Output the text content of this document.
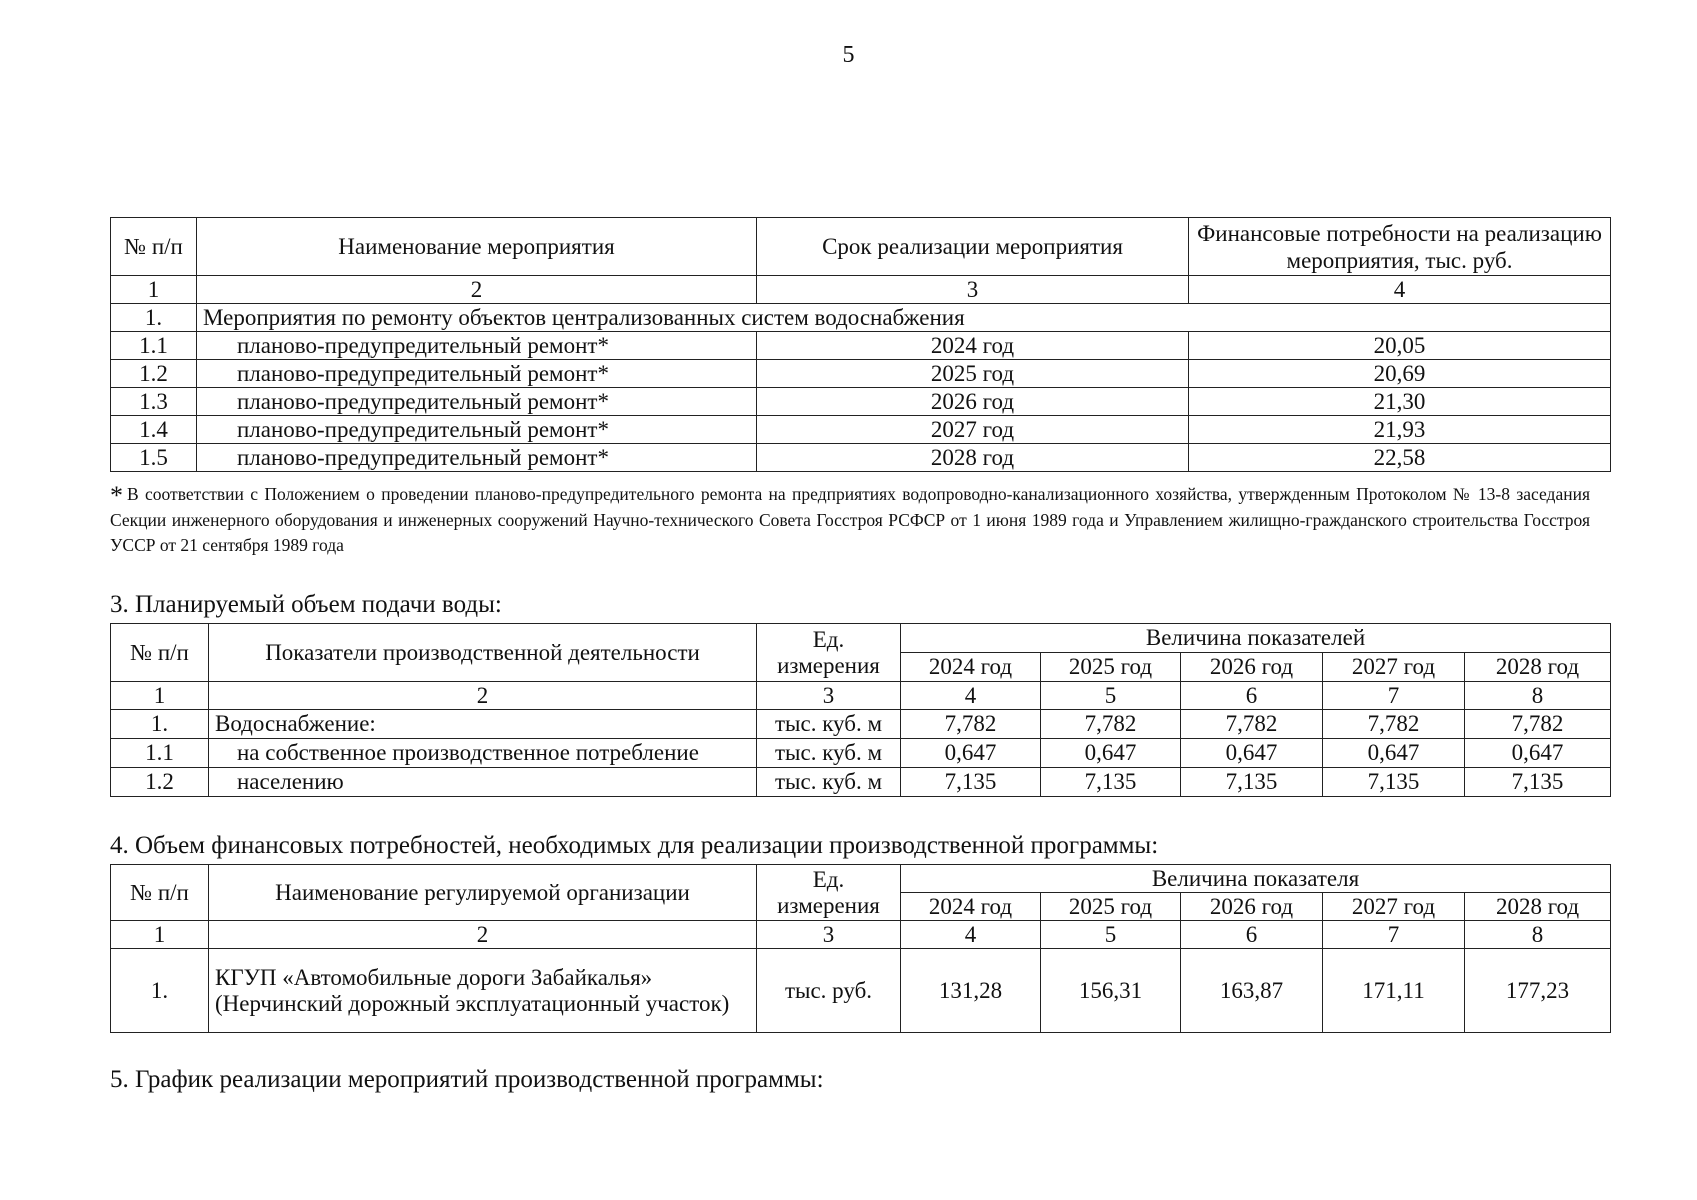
5
№ п/п	Наименование мероприятия	Срок реализации мероприятия	Финансовые потребности на реализацию мероприятия, тыс. руб.
1	2	3	4
1.	Мероприятия по ремонту объектов централизованных систем водоснабжения		
1.1	планово-предупредительный ремонт*	2024 год	20,05
1.2	планово-предупредительный ремонт*	2025 год	20,69
1.3	планово-предупредительный ремонт*	2026 год	21,30
1.4	планово-предупредительный ремонт*	2027 год	21,93
1.5	планово-предупредительный ремонт*	2028 год	22,58
* В соответствии с Положением о проведении планово-предупредительного ремонта на предприятиях водопроводно-канализационного хозяйства, утвержденным Протоколом № 13-8 заседания Секции инженерного оборудования и инженерных сооружений Научно-технического Совета Госстроя РСФСР от 1 июня 1989 года и Управлением жилищно-гражданского строительства Госстроя УССР от 21 сентября 1989 года
3. Планируемый объем подачи воды:
№ п/п	Показатели производственной деятельности	Ед. измерения	Величина показателей				
			2024 год	2025 год	2026 год	2027 год	2028 год
1	2	3	4	5	6	7	8
1.	Водоснабжение:	тыс. куб. м	7,782	7,782	7,782	7,782	7,782
1.1	на собственное производственное потребление	тыс. куб. м	0,647	0,647	0,647	0,647	0,647
1.2	населению	тыс. куб. м	7,135	7,135	7,135	7,135	7,135
4. Объем финансовых потребностей, необходимых для реализации производственной программы:
№ п/п	Наименование регулируемой организации	Ед. измерения	Величина показателя				
			2024 год	2025 год	2026 год	2027 год	2028 год
1	2	3	4	5	6	7	8
1.	КГУП «Автомобильные дороги Забайкалья» (Нерчинский дорожный эксплуатационный участок)	тыс. руб.	131,28	156,31	163,87	171,11	177,23
5. График реализации мероприятий производственной программы:
